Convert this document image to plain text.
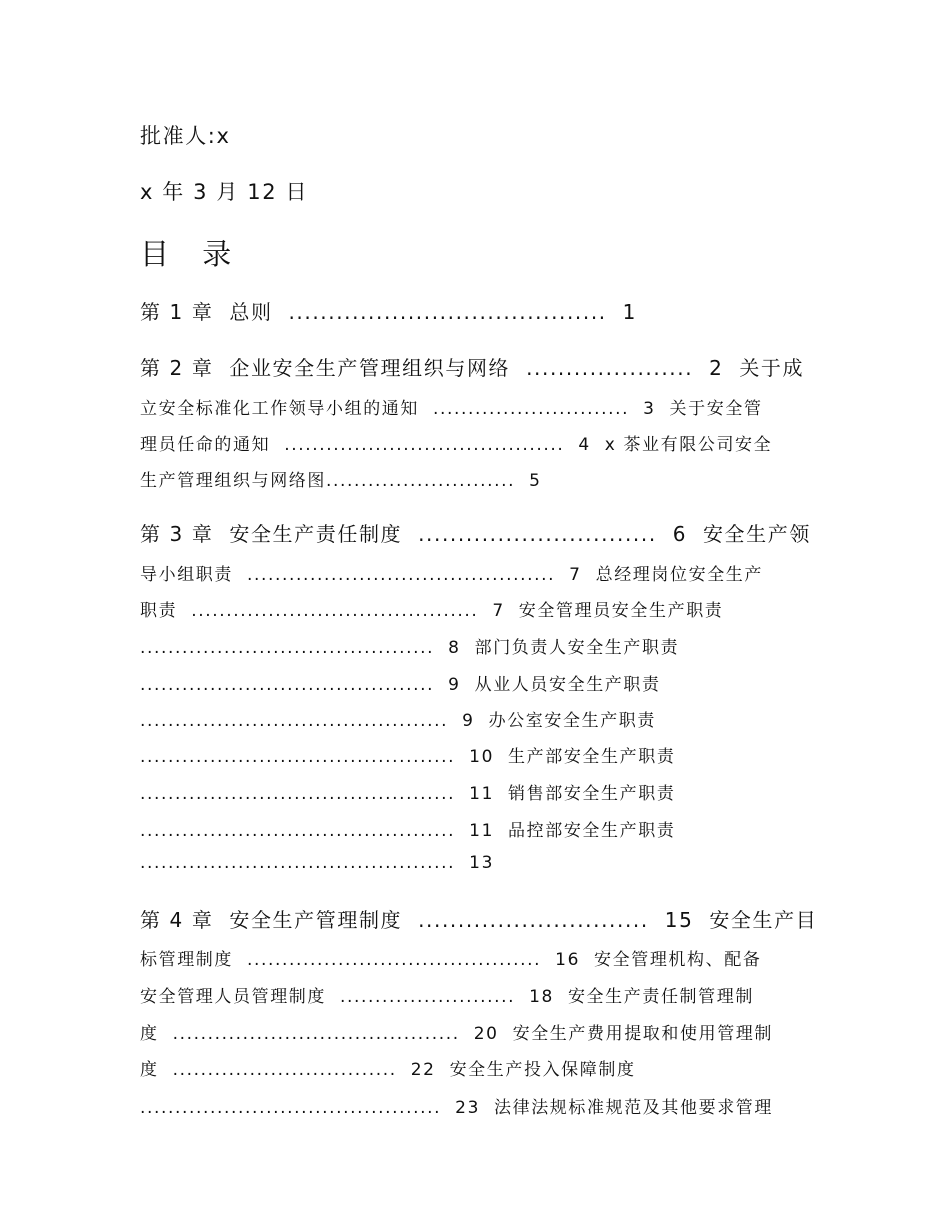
批准人:x
x 年 3 月 12 日
目 录
第 1 章  总则  ........................................  1
第 2 章  企业安全生产管理组织与网络  .....................  2  关于成
立安全标准化工作领导小组的通知  ............................  3  关于安全管
理员任命的通知  ........................................  4  x 茶业有限公司安全
生产管理组织与网络图...........................  5
第 3 章  安全生产责任制度  ..............................  6  安全生产领
导小组职责  ............................................  7  总经理岗位安全生产
职责  .........................................  7  安全管理员安全生产职责
..........................................  8  部门负责人安全生产职责
..........................................  9  从业人员安全生产职责
............................................  9  办公室安全生产职责
.............................................  10  生产部安全生产职责
.............................................  11  销售部安全生产职责
.............................................  11  品控部安全生产职责
.............................................  13
第 4 章  安全生产管理制度  .............................  15  安全生产目
标管理制度  ..........................................  16  安全管理机构、配备
安全管理人员管理制度  .........................  18  安全生产责任制管理制
度  .........................................  20  安全生产费用提取和使用管理制
度  ................................  22  安全生产投入保障制度
...........................................  23  法律法规标准规范及其他要求管理
